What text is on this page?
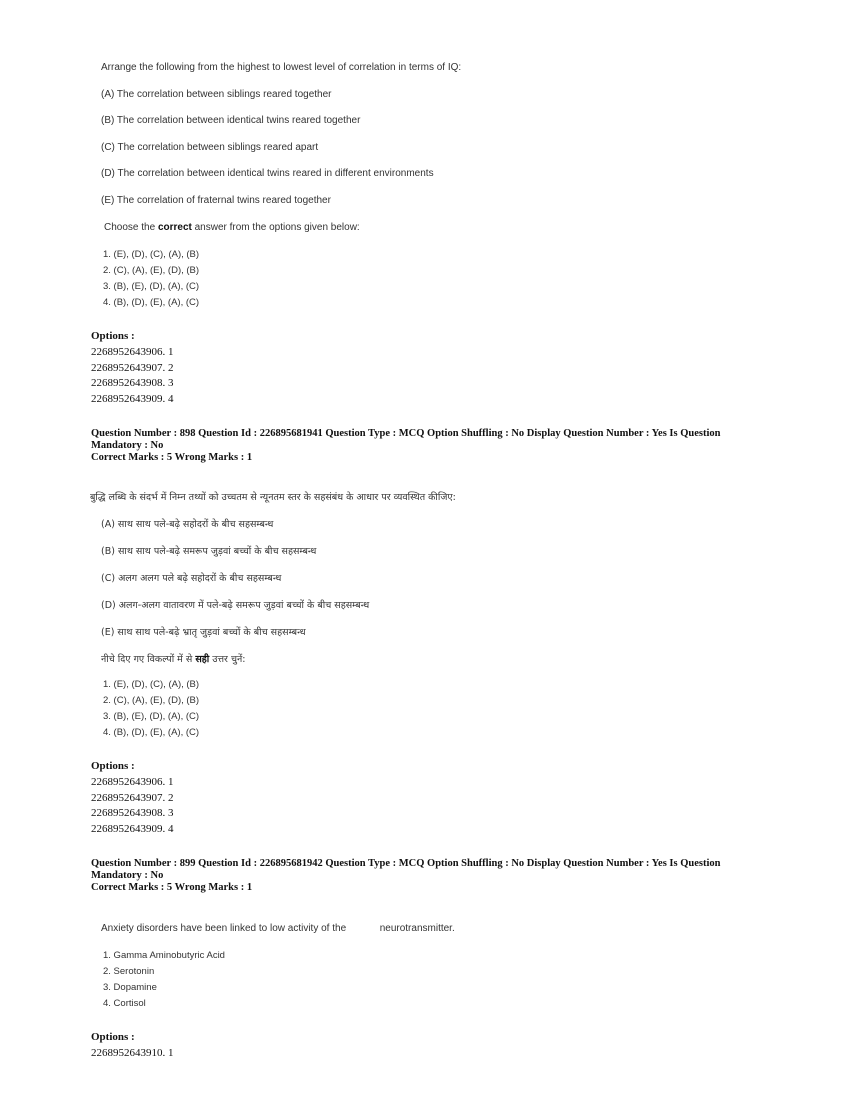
Arrange the following from the highest to lowest level of correlation in terms of IQ:
(A) The correlation between siblings reared together
(B) The correlation between identical twins reared together
(C) The correlation between siblings reared apart
(D) The correlation between identical twins reared in different environments
(E) The correlation of fraternal twins reared together
Choose the correct answer from the options given below:
1. (E), (D), (C), (A), (B)
2. (C), (A), (E), (D), (B)
3. (B), (E), (D), (A), (C)
4. (B), (D), (E), (A), (C)
Options :
2268952643906. 1
2268952643907. 2
2268952643908. 3
2268952643909. 4
Question Number : 898 Question Id : 226895681941 Question Type : MCQ Option Shuffling : No Display Question Number : Yes Is Question
Mandatory : No
Correct Marks : 5 Wrong Marks : 1
बुद्धि लब्धि के संदर्भ में निम्न तथ्यों को उच्चतम से न्यूनतम स्तर के सहसंबंध के आधार पर व्यवस्थित कीजिए:
(A) साथ साथ पले-बढ़े सहोदरों के बीच सहसम्बन्ध
(B) साथ साथ पले-बढ़े समरूप जुड़वां बच्चों के बीच सहसम्बन्ध
(C) अलग अलग पले बढ़े सहोदरों के बीच सहसम्बन्ध
(D) अलग-अलग वातावरण में पले-बढ़े समरूप जुड़वां बच्चों के बीच सहसम्बन्ध
(E) साथ साथ पले-बढ़े भ्रातृ जुड़वां बच्चों के बीच सहसम्बन्ध
नीचे दिए गए विकल्पों में से सही उत्तर चुनें:
1. (E), (D), (C), (A), (B)
2. (C), (A), (E), (D), (B)
3. (B), (E), (D), (A), (C)
4. (B), (D), (E), (A), (C)
Options :
2268952643906. 1
2268952643907. 2
2268952643908. 3
2268952643909. 4
Question Number : 899 Question Id : 226895681942 Question Type : MCQ Option Shuffling : No Display Question Number : Yes Is Question
Mandatory : No
Correct Marks : 5 Wrong Marks : 1
Anxiety disorders have been linked to low activity of the	neurotransmitter.
1. Gamma Aminobutyric Acid
2. Serotonin
3. Dopamine
4. Cortisol
Options :
2268952643910. 1
